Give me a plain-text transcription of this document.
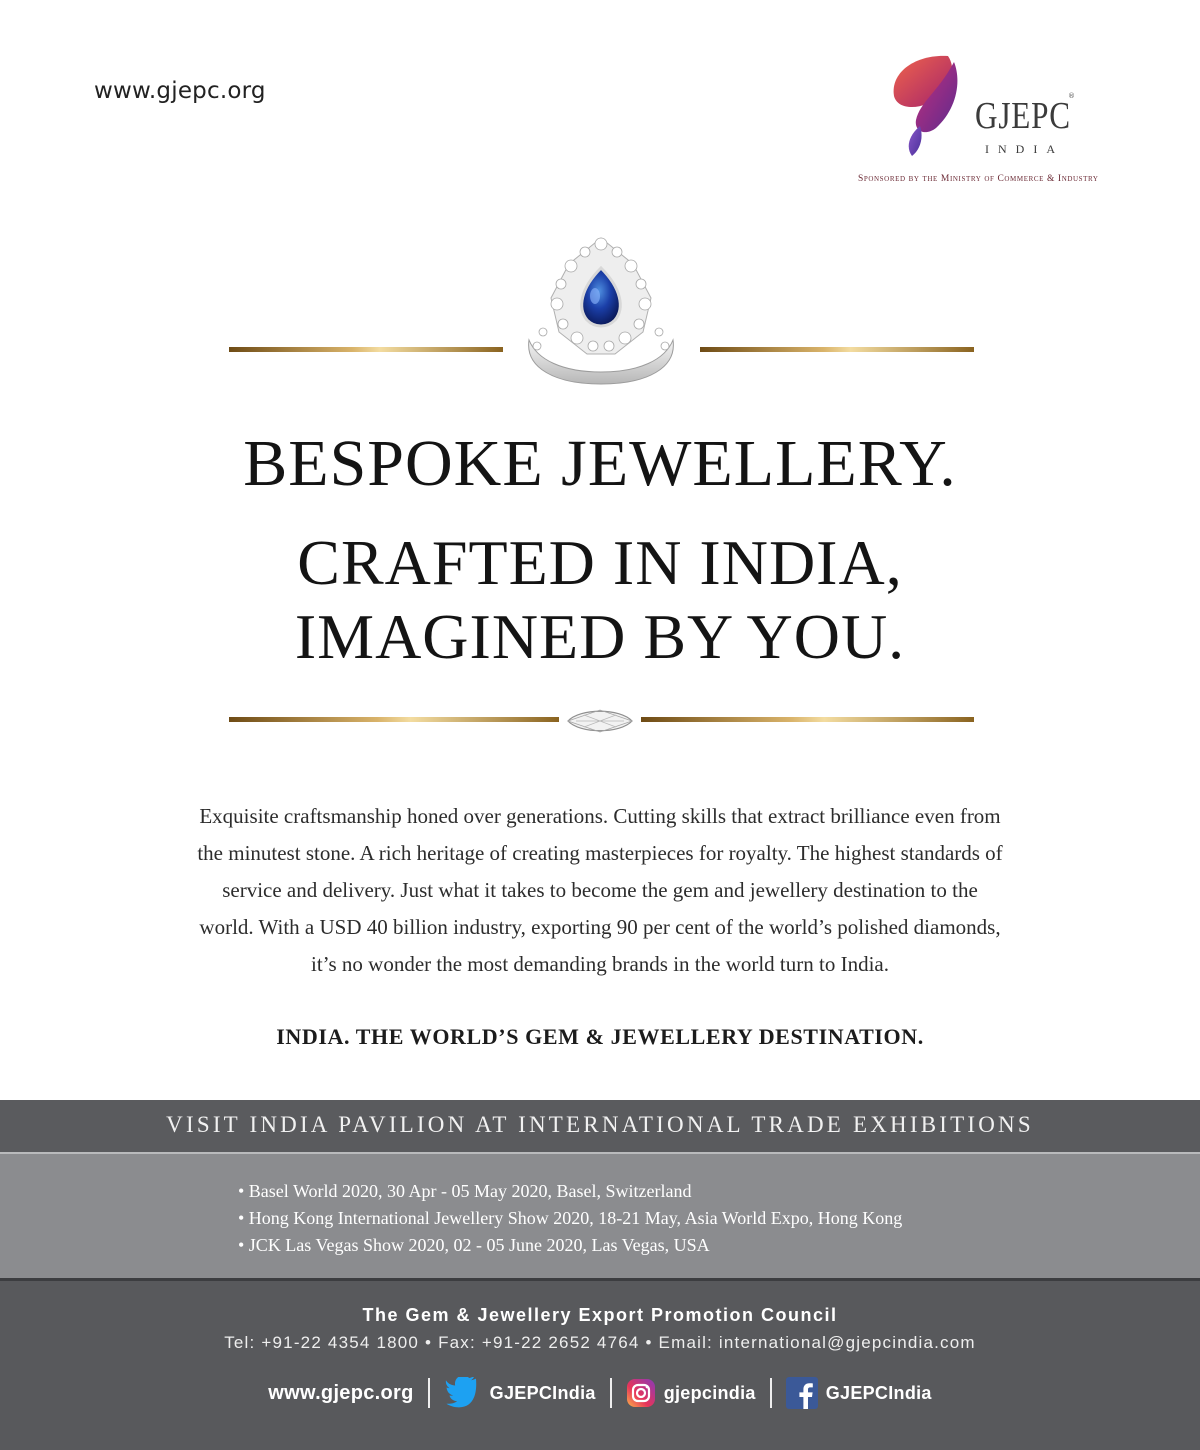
www.gjepc.org
GJEPC
®
INDIA
Sponsored by the Ministry of Commerce & Industry
BESPOKE JEWELLERY.
CRAFTED IN INDIA,
IMAGINED BY YOU.
Exquisite craftsmanship honed over generations. Cutting skills that extract brilliance even from
the minutest stone. A rich heritage of creating masterpieces for royalty. The highest standards of
service and delivery. Just what it takes to become the gem and jewellery destination to the
world. With a USD 40 billion industry, exporting 90 per cent of the world’s polished diamonds,
it’s no wonder the most demanding brands in the world turn to India.
INDIA. THE WORLD’S GEM & JEWELLERY DESTINATION.
VISIT INDIA PAVILION AT INTERNATIONAL TRADE EXHIBITIONS
• Basel World 2020, 30 Apr - 05 May 2020, Basel, Switzerland
• Hong Kong International Jewellery Show 2020, 18-21 May, Asia World Expo, Hong Kong
• JCK Las Vegas Show 2020, 02 - 05 June 2020, Las Vegas, USA
The Gem & Jewellery Export Promotion Council
Tel: +91-22 4354 1800 • Fax: +91-22 2652 4764 • Email: international@gjepcindia.com
www.gjepc.org	GJEPCIndia	gjepcindia	GJEPCIndia
